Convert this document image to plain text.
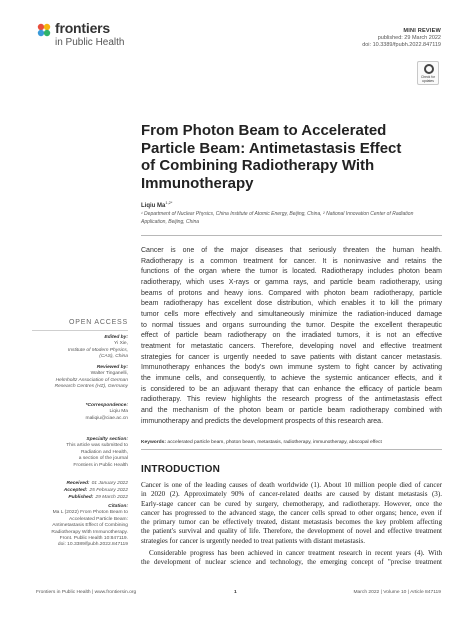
frontiers
in Public Health
MINI REVIEW
published: 29 March 2022
doi: 10.3389/fpubh.2022.847119
Check for updates
From Photon Beam to Accelerated
Particle Beam: Antimetastasis Effect
of Combining Radiotherapy With
Immunotherapy
Liqiu $Ma^{1,2*}$
¹ Department of Nuclear Physics, China Institute of Atomic Energy, Beijing, China, ² National Innovation Center of Radiation
Application, Beijing, China
Cancer is one of the major diseases that seriously threaten the human health.
Radiotherapy is a common treatment for cancer. It is noninvasive and retains the
functions of the organ where the tumor is located. Radiotherapy includes photon beam
radiotherapy, which uses X-rays or gamma rays, and particle beam radiotherapy, using
beams of protons and heavy ions. Compared with photon beam radiotherapy, particle
beam radiotherapy has excellent dose distribution, which enables it to kill the primary
tumor cells more effectively and simultaneously minimize the radiation-induced damage
to normal tissues and organs surrounding the tumor. Despite the excellent therapeutic
effect of particle beam radiotherapy on the irradiated tumors, it is not an effective
treatment for metastatic cancers. Therefore, developing novel and effective treatment
strategies for cancer is urgently needed to save patients with distant cancer metastasis.
Immunotherapy enhances the body's own immune system to fight cancer by activating
the immune cells, and consequently, to achieve the systemic anticancer effects, and it
is considered to be an adjuvant therapy that can enhance the efficacy of particle beam
radiotherapy. This review highlights the research progress of the antimetastasis effect
and the mechanism of the photon beam or particle beam radiotherapy combined with
immunotherapy and predicts the development prospects of this research area.
Keywords: accelerated particle beam, photon beam, metastasis, radiotherapy, immunotherapy, abscopal effect
INTRODUCTION
Cancer is one of the leading causes of death worldwide (1). About 10 million people died of cancer
in 2020 (2). Approximately 90% of cancer-related deaths are caused by distant metastasis (3).
Early-stage cancer can be cured by surgery, chemotherapy, and radiotherapy. However, once the
cancer has progressed to the advanced stage, the cancer cells spread to other organs; hence, even if
the primary tumor can be effectively treated, distant metastasis becomes the key problem affecting
the patient's survival and quality of life. Therefore, the development of novel and effective treatment
strategies for cancer is urgently needed to treat patients with distant metastasis.
Considerable progress has been achieved in cancer treatment research in recent years (4). With
the development of nuclear science and technology, the emerging concept of "precise treatment
OPEN ACCESS
Edited by:
Yi Xie,
Institute of Modern Physics,
(CAS), China
Reviewed by:
Walter Tinganelli,
Helmholtz Association of German
Research Centres (HZ), Germany
*Correspondence:
Liqiu Ma
maliqiu@ciae.ac.cn
Specialty section:
This article was submitted to
Radiation and Health,
a section of the journal
Frontiers in Public Health
Received: 01 January 2022
Accepted: 25 February 2022
Published: 29 March 2022
Citation:
Ma L (2022) From Photon Beam to
Accelerated Particle Beam:
Antimetastasis Effect of Combining
Radiotherapy With Immunotherapy.
Front. Public Health 10:847119.
doi: 10.3389/fpubh.2022.847119
Frontiers in Public Health | www.frontiersin.org	1	March 2022 | Volume 10 | Article 847119
